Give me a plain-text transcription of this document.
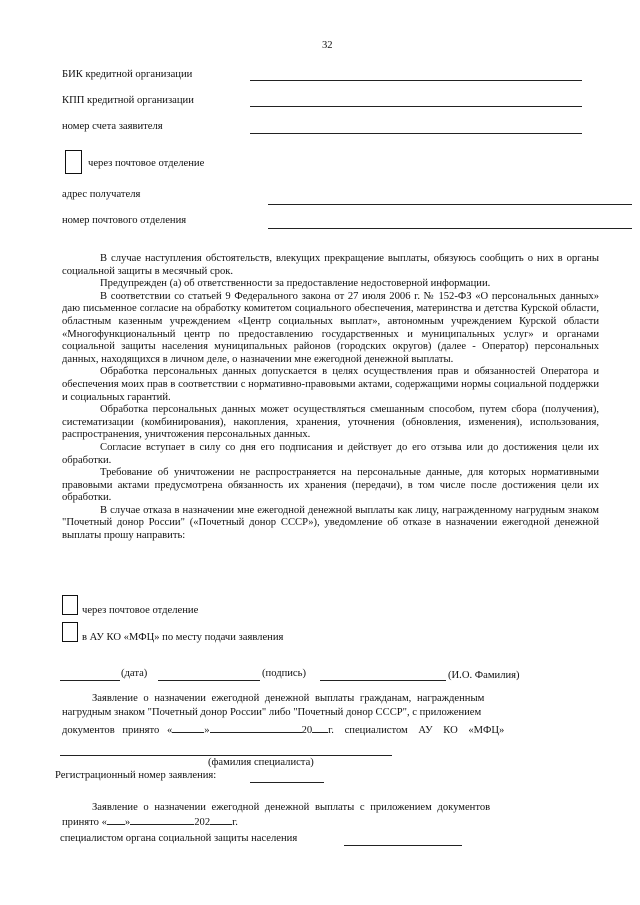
32
БИК кредитной организации
КПП кредитной организации
номер счета заявителя
через почтовое отделение
адрес получателя
номер почтового отделения

В случае наступления обстоятельств, влекущих прекращение выплаты, обязуюсь сообщить о них в органы социальной защиты в месячный срок.

Предупрежден (а) об ответственности за предоставление недостоверной информации.

В соответствии со статьей 9 Федерального закона от 27 июля 2006 г. № 152-ФЗ «О персональных данных» даю письменное согласие на обработку комитетом социального обеспечения, материнства и детства Курской области, областным казенным учреждением «Центр социальных выплат», автономным учреждением Курской области «Многофункциональный центр по предоставлению государственных и муниципальных услуг» и органами социальной защиты населения муниципальных районов (городских округов) (далее - Оператор) персональных данных, находящихся в личном деле, о назначении мне ежегодной денежной выплаты.

Обработка персональных данных допускается в целях осуществления прав и обязанностей Оператора и обеспечения моих прав в соответствии с нормативно-правовыми актами, содержащими нормы социальной поддержки и социальных гарантий.

Обработка персональных данных может осуществляться смешанным способом, путем сбора (получения), систематизации (комбинирования), накопления, хранения, уточнения (обновления, изменения), использования, распространения, уничтожения персональных данных.

Согласие вступает в силу со дня его подписания и действует до его отзыва или до достижения цели их обработки.

Требование об уничтожении не распространяется на персональные данные, для которых нормативными правовыми актами предусмотрена обязанность их хранения (передачи), в том числе после достижения цели их обработки.

В случае отказа в назначении мне ежегодной денежной выплаты как лицу, награжденному нагрудным знаком "Почетный донор России" («Почетный донор СССР»), уведомление об отказе в назначении ежегодной денежной выплаты прошу направить:

через почтовое отделение
в АУ КО «МФЦ» по месту подачи заявления
(дата)	(подпись)	(И.О. Фамилия)
Заявление о назначении ежегодной денежной выплаты гражданам, награжденным
нагрудным знаком "Почетный донор России" либо "Почетный донор СССР", с приложением
документов принято «	»	20 г. специалистом АУ КО «МФЦ»
(фамилия специалиста)
Регистрационный номер заявления:
Заявление о назначении ежегодной денежной выплаты с приложением документов
принято « »	202 г.
специалистом органа социальной защиты населения
